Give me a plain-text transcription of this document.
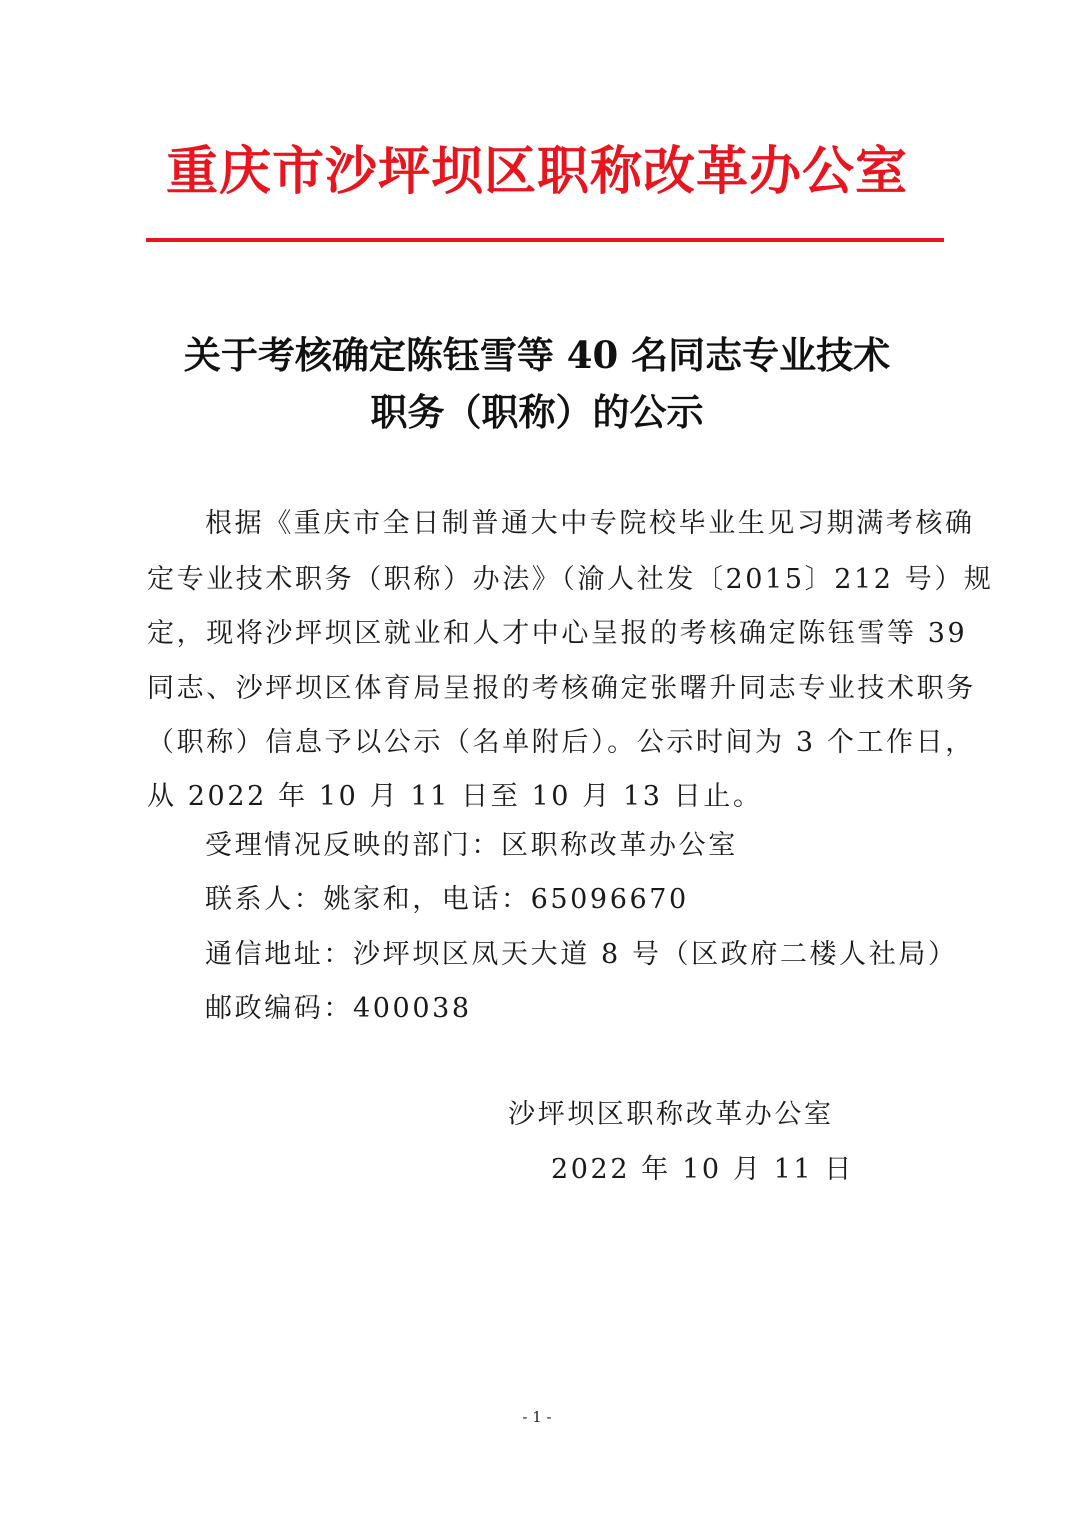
重庆市沙坪坝区职称改革办公室
关于考核确定陈钰雪等 40 名同志专业技术
职务（职称）的公示
根据《重庆市全日制普通大中专院校毕业生见习期满考核确
定专业技术职务（职称）办法》（渝人社发〔2015〕212 号）规
定，现将沙坪坝区就业和人才中心呈报的考核确定陈钰雪等 39
同志、沙坪坝区体育局呈报的考核确定张曙升同志专业技术职务
（职称）信息予以公示（名单附后）。公示时间为 3 个工作日，
从 2022 年 10 月 11 日至 10 月 13 日止。
受理情况反映的部门：区职称改革办公室
联系人：姚家和，电话：65096670
通信地址：沙坪坝区凤天大道 8 号（区政府二楼人社局）
邮政编码：400038
沙坪坝区职称改革办公室
2022 年 10 月 11 日
- 1 -
